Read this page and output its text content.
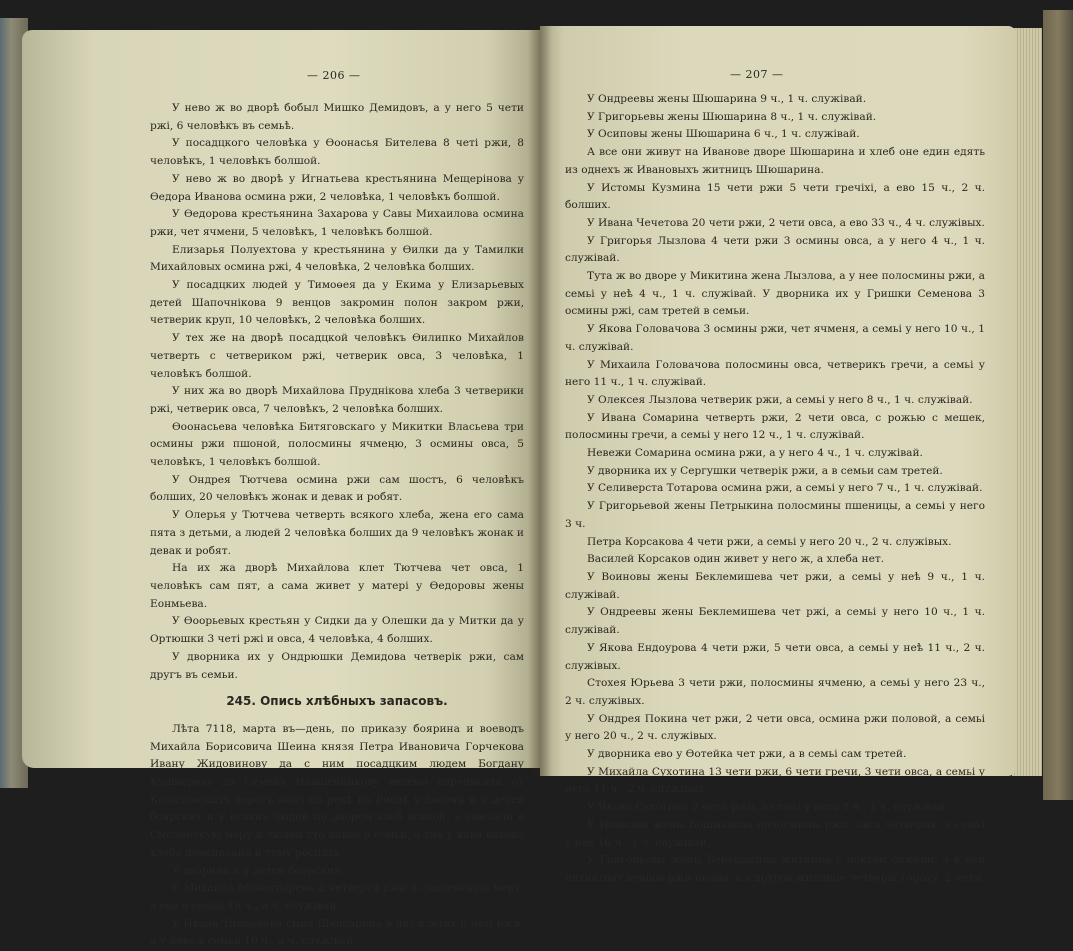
— 206 —

У нево ж во дворѣ бобыл Мишко Демидовъ, а у него 5 чети ржі, 6 человѣкъ въ семьѣ.

У посадцкого человѣка у Өоонасья Бителева 8 четі ржи, 8 человѣкъ, 1 человѣкъ болшой.

У нево ж во дворѣ у Игнатьева крестьянина Мещерінова у Өедора Иванова осмина ржи, 2 человѣка, 1 человѣкъ болшой.

У Өедорова крестьянина Захарова у Савы Михаилова осмина ржи, чет ячмени, 5 человѣкъ, 1 человѣкъ болшой.

Елизарья Полуехтова у крестьянина у Өилки да у Тамилки Михайловых осмина ржі, 4 человѣка, 2 человѣка болших.

У посадцких людей у Тимоөея да у Екима у Елизарьевых детей Шапочнікова 9 венцов закромин полон закром ржи, четверик круп, 10 человѣкъ, 2 человѣка болших.

У тех же на дворѣ посадцкой человѣкъ Өилипко Михайлов четверть с четвериком ржі, четверик овса, 3 человѣка, 1 человѣкъ болшой.

У них жа во дворѣ Михайлова Пруднікова хлеба 3 четверики ржі, четверик овса, 7 человѣкъ, 2 человѣка болших.

Өоонасьева человѣка Битяговскаго у Микитки Власьева три осмины ржи пшоной, полосмины ячмеңю, 3 осмины овса, 5 человѣкъ, 1 человѣкъ болшой.

У Ондрея Тютчева осмина ржи сам шостъ, 6 человѣкъ болших, 20 человѣкъ жонак и девак и робят.

У Олерья у Тютчева четверть всякого хлеба, жена его сама пята з детьми, а людей 2 человѣка болших да 9 человѣкъ жонак и девак и робят.

На их жа дворѣ Михайлова клет Тютчева чет овса, 1 человѣкъ сам пят, а сама живет у матері у Өедоровы жены Еонмьева.

У Өоорьевых крестьян у Сидки да у Олешки да у Митки да у Ортюшки 3 четі ржі и овса, 4 человѣка, 4 болших.

У дворника их у Ондрюшки Демидова четверік ржи, сам другъ въ семьи.

245. Опись хлѣбныхъ запасовъ.

Лѣта 7118, марта въ—день, по приказу боярина и воеводъ Михайла Борисовича Шеина князя Петра Ивановича Горчекова Ивану Жидовинову да с ним посадцким людем Богдану Кушнереву да Семену Ивашенникову велено переписати от Копытовскихъ воротъ вниз по рекѣ по Рисиѣ у дворян и у детей боярских и у всяких людей по двором хлеб всякой, а смечали в Смоленскую меру и людей хто каков в семьи, а где у каво какова хлеба переписано и тому роспись

У двориян и у детей боярских:

У Михайла Монастырева 2 четверти ржи в смоленскую меру, а ево в семьи 16 ч., а ч. служівай.

У Ивана Тимоөеева сына Шюшарина в дву клетех 6 четі ржи, а у нево в семьи 10 ч., а ч. служівай.

— 207 —

У Ондреевы жены Шюшарина 9 ч., 1 ч. служівай.

У Григорьевы жены Шюшарина 8 ч., 1 ч. служівай.

У Осиповы жены Шюшарина 6 ч., 1 ч. служівай.

А все они живут на Ивановe дворе Шюшарина и хлеб оне един едять из однехъ ж Ивановыхъ житницъ Шюшарина.

У Истомы Кузмина 15 чети ржи 5 чети гречіхі, а ево 15 ч., 2 ч. болших.

У Ивана Чечетова 20 чети ржи, 2 чети овса, а ево 33 ч., 4 ч. служівых.

У Григорья Лызлова 4 чети ржи 3 осмины овса, а у него 4 ч., 1 ч. служівай.

Тута ж во дворе у Микитина жена Лызлова, а у нее полосмины ржи, а семьі у неѣ 4 ч., 1 ч. служівай. У дворника их у Гришки Семенова 3 осмины ржі, сам третей в семьи.

У Якова Головачова 3 осмины ржи, чет ячменя, а семьі у него 10 ч., 1 ч. служівай.

У Михаила Головачова полосмины овса, четверикъ гречи, а семьі у него 11 ч., 1 ч. служівай.

У Олексея Лызлова четверик ржи, а семьі у него 8 ч., 1 ч. служівай.

У Ивана Сомарина четверть ржи, 2 чети овса, с рожью с мешек, полосмины гречи, а семьі у него 12 ч., 1 ч. служівай.

Невежи Сомарина осмина ржи, а у него 4 ч., 1 ч. служівай.

У дворника их у Сергушки четверік ржи, а в семьи сам третей.

У Селиверста Тотарова осмина ржи, а семьі у него 7 ч., 1 ч. служівай.

У Григорьевой жены Петрыкина полосмины пшеницы, а семьі у него 3 ч.

Петра Корсакова 4 чети ржи, а семьі у него 20 ч., 2 ч. служівых.

Василей Корсаков один живет у него ж, а хлеба нет.

У Воиновы жены Беклемишева чет ржи, а семьі у неѣ 9 ч., 1 ч. служівай.

У Ондреевы жены Беклемишева чет ржі, а семьі у него 10 ч., 1 ч. служівай.

У Якова Ендоурова 4 чети ржи, 5 чети овса, а семьі у неѣ 11 ч., 2 ч. служівых.

Стохея Юрьева 3 чети ржи, полосмины ячменю, а семьі у него 23 ч., 2 ч. служівых.

У Ондрея Покина чет ржи, 2 чети овса, осмина ржи половой, а семьі у него 20 ч., 2 ч. служівых.

У дворника ево у Өотейка чет ржи, а в семьі сам третей.

У Михайла Сухотина 13 чети ржи, 6 чети гречи, 3 чети овса, а семьі у него 11 ч., 2 ч. служівых.

У Якова Сухотина 2 чети ржи, а семьі у него 8 ч., 1 ч. служівай.

У Ивановы жены Бошмакова полосмины ржи, овса четверик, а семьі у нее 16 ч., 1 ч. служівай.

У Григорьевы жены Верещагина житница с локтем сажени, а в ней пятнатцат венцов ржи полна, а в другой житнице четверік гороху, 2 чети
